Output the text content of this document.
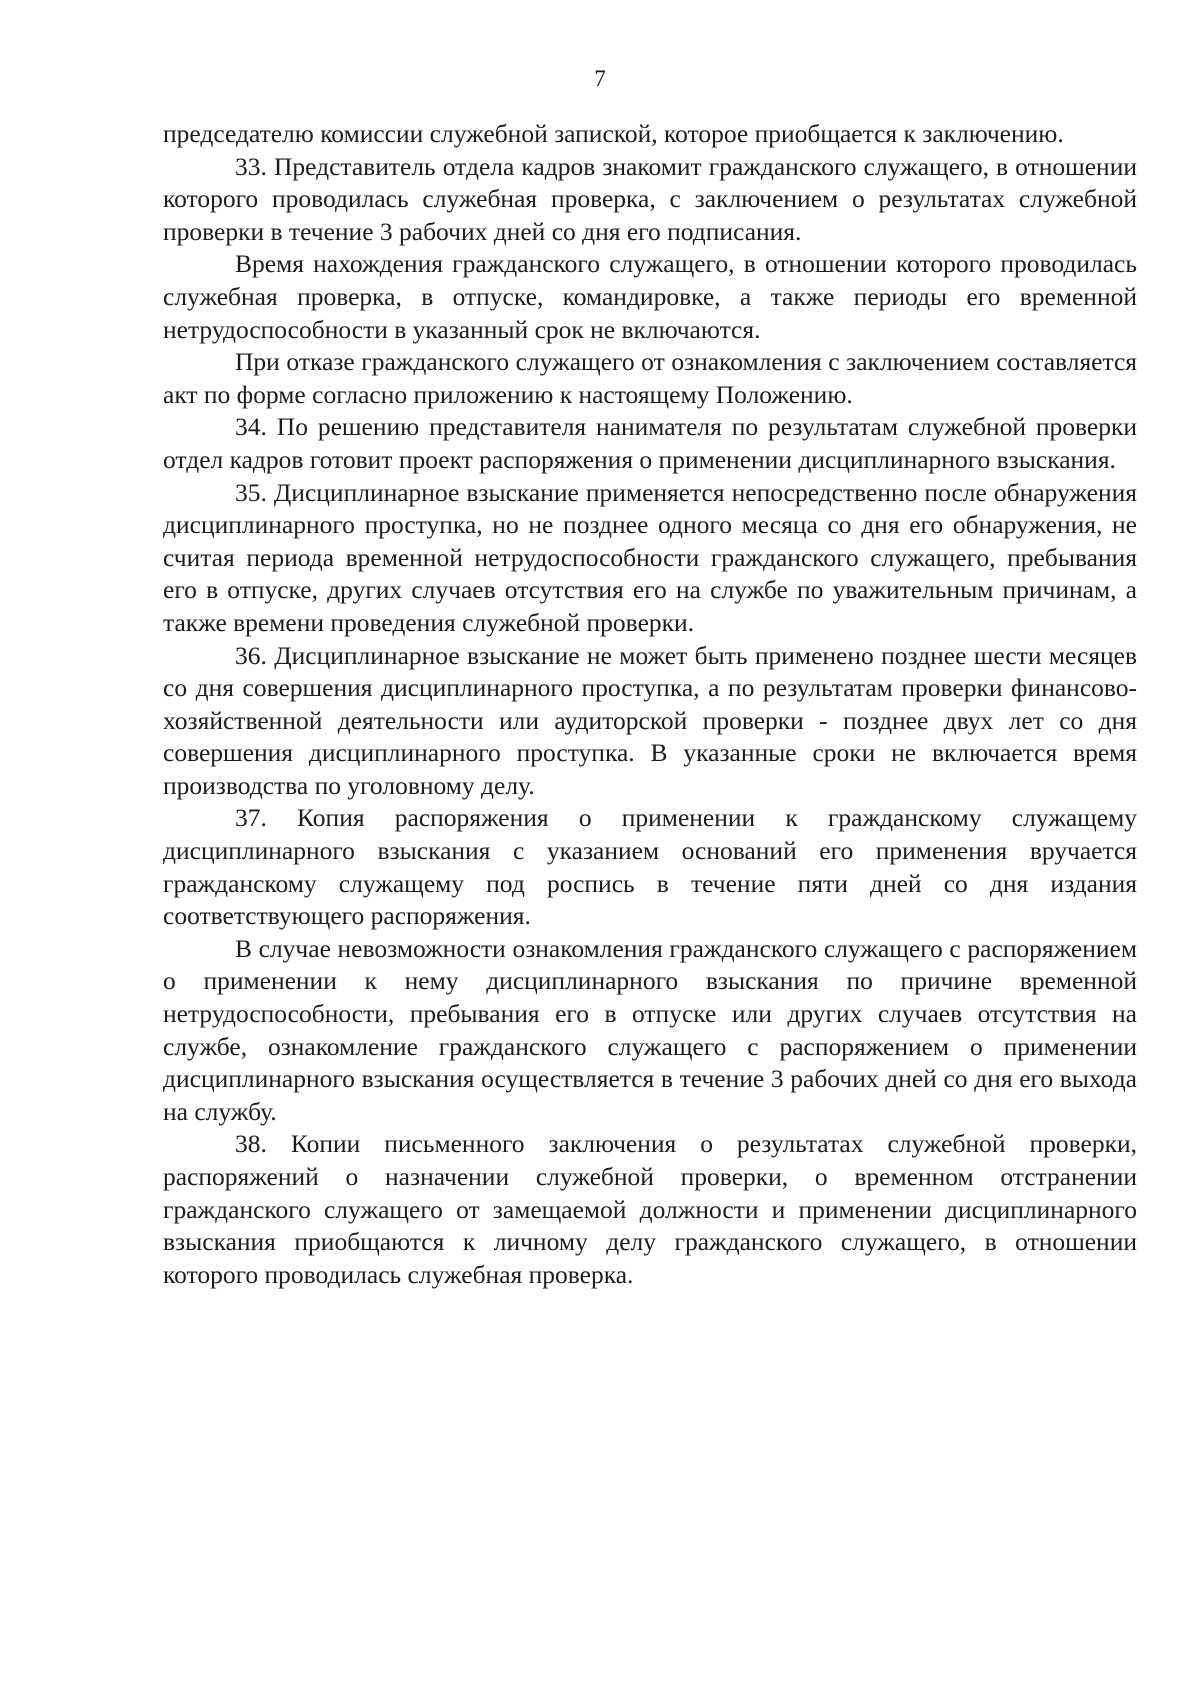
7

председателю комиссии служебной запиской, которое приобщается к заключению.

33. Представитель отдела кадров знакомит гражданского служащего, в отношении которого проводилась служебная проверка, с заключением о результатах служебной проверки в течение 3 рабочих дней со дня его подписания.

Время нахождения гражданского служащего, в отношении которого проводилась служебная проверка, в отпуске, командировке, а также периоды его временной нетрудоспособности в указанный срок не включаются.

При отказе гражданского служащего от ознакомления с заключением составляется акт по форме согласно приложению к настоящему Положению.

34. По решению представителя нанимателя по результатам служебной проверки отдел кадров готовит проект распоряжения о применении дисциплинарного взыскания.

35. Дисциплинарное взыскание применяется непосредственно после обнаружения дисциплинарного проступка, но не позднее одного месяца со дня его обнаружения, не считая периода временной нетрудоспособности гражданского служащего, пребывания его в отпуске, других случаев отсутствия его на службе по уважительным причинам, а также времени проведения служебной проверки.

36. Дисциплинарное взыскание не может быть применено позднее шести месяцев со дня совершения дисциплинарного проступка, а по результатам проверки финансово-хозяйственной деятельности или аудиторской проверки - позднее двух лет со дня совершения дисциплинарного проступка. В указанные сроки не включается время производства по уголовному делу.

37. Копия распоряжения о применении к гражданскому служащему дисциплинарного взыскания с указанием оснований его применения вручается гражданскому служащему под роспись в течение пяти дней со дня издания соответствующего распоряжения.

В случае невозможности ознакомления гражданского служащего с распоряжением о применении к нему дисциплинарного взыскания по причине временной нетрудоспособности, пребывания его в отпуске или других случаев отсутствия на службе, ознакомление гражданского служащего с распоряжением о применении дисциплинарного взыскания осуществляется в течение 3 рабочих дней со дня его выхода на службу.

38. Копии письменного заключения о результатах служебной проверки, распоряжений о назначении служебной проверки, о временном отстранении гражданского служащего от замещаемой должности и применении дисциплинарного взыскания приобщаются к личному делу гражданского служащего, в отношении которого проводилась служебная проверка.
